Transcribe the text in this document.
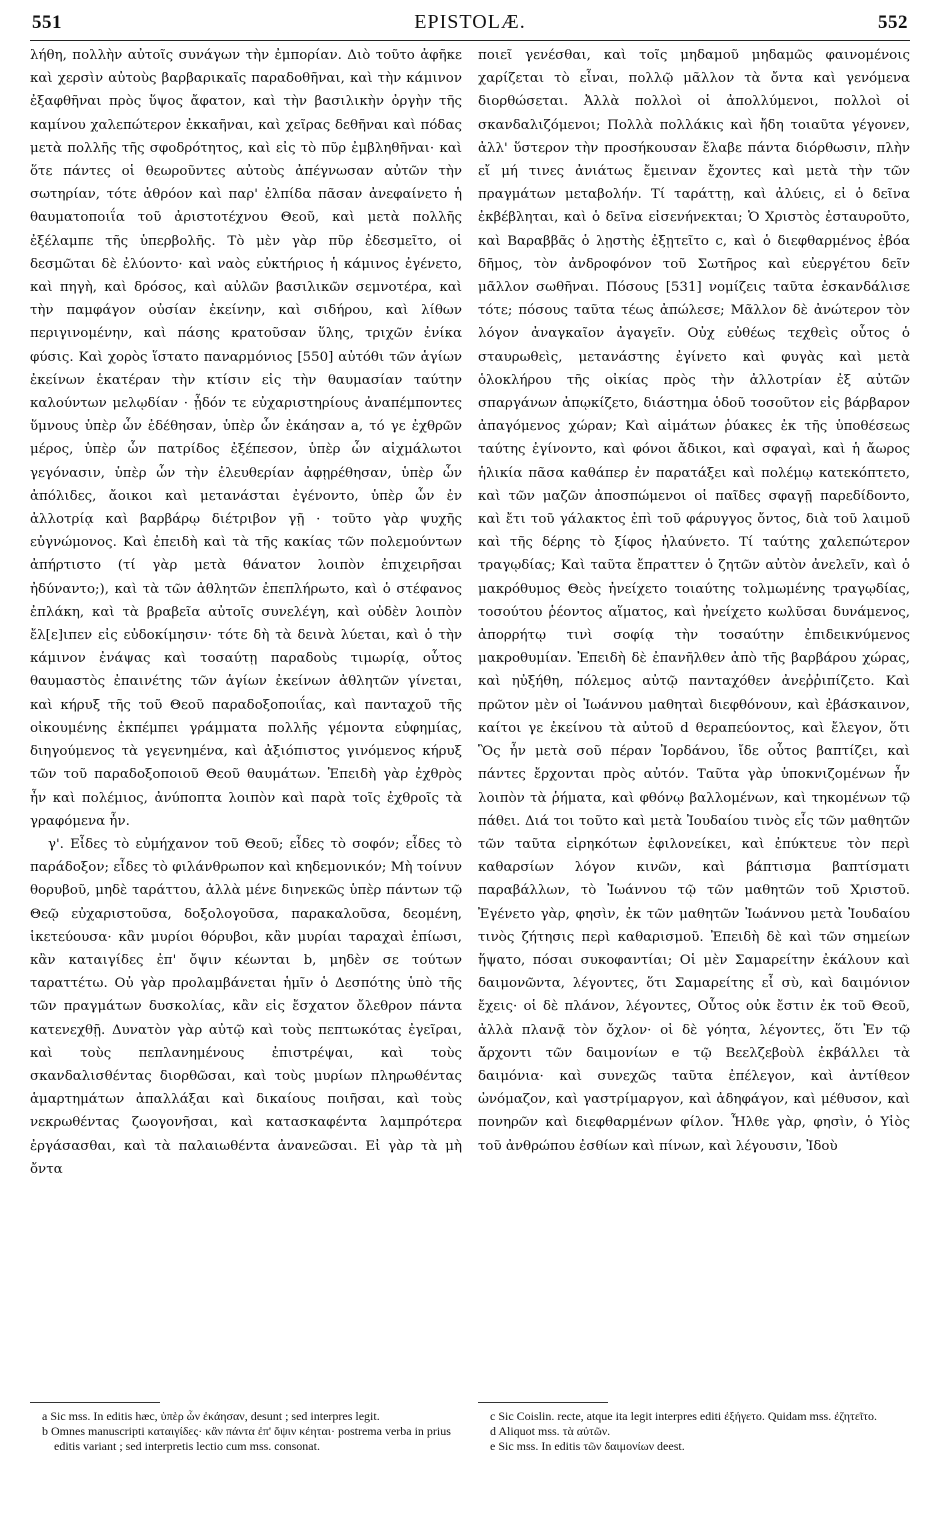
551	EPISTOLÆ.	552

λήθη, πολλὴν αὐτοῖς συνάγων τὴν ἐμπορίαν. Διὸ τοῦτο ἀφῆκε καὶ χερσὶν αὐτοὺς βαρβαρικαῖς παραδοθῆναι, καὶ τὴν κάμινον ἐξαφθῆναι πρὸς ὕψος ἄφατον, καὶ τὴν βασιλικὴν ὀργὴν τῆς καμίνου χαλεπώτερον ἐκκαῆναι, καὶ χεῖρας δεθῆναι καὶ πόδας μετὰ πολλῆς τῆς σφοδρότητος, καὶ εἰς τὸ πῦρ ἐμβληθῆναι· καὶ ὅτε πάντες οἱ θεωροῦντες αὐτοὺς ἀπέγνωσαν αὐτῶν τὴν σωτηρίαν, τότε ἀθρόον καὶ παρ' ἐλπίδα πᾶσαν ἀνεφαίνετο ἡ θαυματοποιΐα τοῦ ἀριστοτέχνου Θεοῦ, καὶ μετὰ πολλῆς ἐξέλαμπε τῆς ὑπερβολῆς. Τὸ μὲν γὰρ πῦρ ἐδεσμεῖτο, οἱ δεσμῶται δὲ ἐλύοντο· καὶ ναὸς εὐκτήριος ἡ κάμινος ἐγένετο, καὶ πηγὴ, καὶ δρόσος, καὶ αὐλῶν βασιλικῶν σεμνοτέρα, καὶ τὴν παμφάγον οὐσίαν ἐκείνην, καὶ σιδήρου, καὶ λίθων περιγινομένην, καὶ πάσης κρατοῦσαν ὕλης, τριχῶν ἐνίκα φύσις. Καὶ χορὸς ἵστατο παναρμόνιος [550] αὐτόθι τῶν ἁγίων ἐκείνων ἑκατέραν τὴν κτίσιν εἰς τὴν θαυμασίαν ταύτην καλούντων μελῳδίαν · ᾖδόν τε εὐχαριστηρίους ἀναπέμποντες ὕμνους ὑπὲρ ὧν ἐδέθησαν, ὑπὲρ ὧν ἐκάησαν a, τό γε ἐχθρῶν μέρος, ὑπὲρ ὧν πατρίδος ἐξέπεσον, ὑπὲρ ὧν αἰχμάλωτοι γεγόνασιν, ὑπὲρ ὧν τὴν ἐλευθερίαν ἀφῃρέθησαν, ὑπὲρ ὧν ἀπόλιδες, ἄοικοι καὶ μετανάσται ἐγένοντο, ὑπὲρ ὧν ἐν ἀλλοτρίᾳ καὶ βαρβάρῳ διέτριβον γῇ · τοῦτο γὰρ ψυχῆς εὐγνώμονος. Καὶ ἐπειδὴ καὶ τὰ τῆς κακίας τῶν πολεμούντων ἀπήρτιστο (τί γὰρ μετὰ θάνατον λοιπὸν ἐπιχειρῆσαι ἠδύναντο;), καὶ τὰ τῶν ἀθλητῶν ἐπεπλήρωτο, καὶ ὁ στέφανος ἐπλάκη, καὶ τὰ βραβεῖα αὐτοῖς συνελέγη, καὶ οὐδὲν λοιπὸν ἔλ[ε]ιπεν εἰς εὐδοκίμησιν· τότε δὴ τὰ δεινὰ λύεται, καὶ ὁ τὴν κάμινον ἐνάψας καὶ τοσαύτῃ παραδοὺς τιμωρίᾳ, οὗτος θαυμαστὸς ἐπαινέτης τῶν ἁγίων ἐκείνων ἀθλητῶν γίνεται, καὶ κήρυξ τῆς τοῦ Θεοῦ παραδοξοποιΐας, καὶ πανταχοῦ τῆς οἰκουμένης ἐκπέμπει γράμματα πολλῆς γέμοντα εὐφημίας, διηγούμενος τὰ γεγενημένα, καὶ ἀξιόπιστος γινόμενος κήρυξ τῶν τοῦ παραδοξοποιοῦ Θεοῦ θαυμάτων. Ἐπειδὴ γὰρ ἐχθρὸς ἦν καὶ πολέμιος, ἀνύποπτα λοιπὸν καὶ παρὰ τοῖς ἐχθροῖς τὰ γραφόμενα ἦν.

γ'. Εἶδες τὸ εὐμήχανον τοῦ Θεοῦ; εἶδες τὸ σοφόν; εἶδες τὸ παράδοξον; εἶδες τὸ φιλάνθρωπον καὶ κηδεμονικόν; Μὴ τοίνυν θορυβοῦ, μηδὲ ταράττου, ἀλλὰ μένε διηνεκῶς ὑπὲρ πάντων τῷ Θεῷ εὐχαριστοῦσα, δοξολογοῦσα, παρακαλοῦσα, δεομένη, ἱκετεύουσα· κἂν μυρίοι θόρυβοι, κἂν μυρίαι ταραχαὶ ἐπίωσι, κἂν καταιγίδες ἐπ' ὄψιν κέωνται b, μηδὲν σε τούτων ταραττέτω. Οὐ γὰρ προλαμβάνεται ἡμῖν ὁ Δεσπότης ὑπὸ τῆς τῶν πραγμάτων δυσκολίας, κἂν εἰς ἔσχατον ὄλεθρον πάντα κατενεχθῇ. Δυνατὸν γὰρ αὐτῷ καὶ τοὺς πεπτωκότας ἐγεῖραι, καὶ τοὺς πεπλανημένους ἐπιστρέψαι, καὶ τοὺς σκανδαλισθέντας διορθῶσαι, καὶ τοὺς μυρίων πληρωθέντας ἁμαρτημάτων ἀπαλλάξαι καὶ δικαίους ποιῆσαι, καὶ τοὺς νεκρωθέντας ζωογονῆσαι, καὶ κατασκαφέντα λαμπρότερα ἐργάσασθαι, καὶ τὰ παλαιωθέντα ἀνανεῶσαι. Εἰ γὰρ τὰ μὴ ὄντα

ποιεῖ γενέσθαι, καὶ τοῖς μηδαμοῦ μηδαμῶς φαινομένοις χαρίζεται τὸ εἶναι, πολλῷ μᾶλλον τὰ ὄντα καὶ γενόμενα διορθώσεται. Ἀλλὰ πολλοὶ οἱ ἀπολλύμενοι, πολλοὶ οἱ σκανδαλιζόμενοι; Πολλὰ πολλάκις καὶ ἤδη τοιαῦτα γέγονεν, ἀλλ' ὕστερον τὴν προσήκουσαν ἔλαβε πάντα διόρθωσιν, πλὴν εἴ μή τινες ἀνιάτως ἔμειναν ἔχοντες καὶ μετὰ τὴν τῶν πραγμάτων μεταβολήν. Τί ταράττῃ, καὶ ἀλύεις, εἰ ὁ δεῖνα ἐκβέβληται, καὶ ὁ δεῖνα εἰσενήνεκται; Ὁ Χριστὸς ἐσταυροῦτο, καὶ Βαραββᾶς ὁ λῃστὴς ἐξῃτεῖτο c, καὶ ὁ διεφθαρμένος ἐβόα δῆμος, τὸν ἀνδροφόνον τοῦ Σωτῆρος καὶ εὐεργέτου δεῖν μᾶλλον σωθῆναι. Πόσους [531] νομίζεις ταῦτα ἐσκανδάλισε τότε; πόσους ταῦτα τέως ἀπώλεσε; Μᾶλλον δὲ ἀνώτερον τὸν λόγον ἀναγκαῖον ἀγαγεῖν. Οὐχ εὐθέως τεχθεὶς οὗτος ὁ σταυρωθεὶς, μετανάστης ἐγίνετο καὶ φυγὰς καὶ μετὰ ὁλοκλήρου τῆς οἰκίας πρὸς τὴν ἀλλοτρίαν ἐξ αὐτῶν σπαργάνων ἀπῳκίζετο, διάστημα ὁδοῦ τοσοῦτον εἰς βάρβαρον ἀπαγόμενος χώραν; Καὶ αἱμάτων ῥύακες ἐκ τῆς ὑποθέσεως ταύτης ἐγίνοντο, καὶ φόνοι ἄδικοι, καὶ σφαγαὶ, καὶ ἡ ἄωρος ἡλικία πᾶσα καθάπερ ἐν παρατάξει καὶ πολέμῳ κατεκόπτετο, καὶ τῶν μαζῶν ἀποσπώμενοι οἱ παῖδες σφαγῇ παρεδίδοντο, καὶ ἔτι τοῦ γάλακτος ἐπὶ τοῦ φάρυγγος ὄντος, διὰ τοῦ λαιμοῦ καὶ τῆς δέρης τὸ ξίφος ἠλαύνετο. Τί ταύτης χαλεπώτερον τραγῳδίας; Καὶ ταῦτα ἔπραττεν ὁ ζητῶν αὐτὸν ἀνελεῖν, καὶ ὁ μακρόθυμος Θεὸς ἠνείχετο τοιαύτης τολμωμένης τραγῳδίας, τοσούτου ῥέοντος αἵματος, καὶ ἠνείχετο κωλῦσαι δυνάμενος, ἀπορρήτῳ τινὶ σοφίᾳ τὴν τοσαύτην ἐπιδεικνύμενος μακροθυμίαν. Ἐπειδὴ δὲ ἐπανῆλθεν ἀπὸ τῆς βαρβάρου χώρας, καὶ ηὐξήθη, πόλεμος αὐτῷ πανταχόθεν ἀνεῤῥιπίζετο. Καὶ πρῶτον μὲν οἱ Ἰωάννου μαθηταὶ διεφθόνουν, καὶ ἐβάσκαινον, καίτοι γε ἐκείνου τὰ αὐτοῦ d θεραπεύοντος, καὶ ἔλεγον, ὅτι Ὃς ἦν μετὰ σοῦ πέραν Ἰορδάνου, ἴδε οὗτος βαπτίζει, καὶ πάντες ἔρχονται πρὸς αὐτόν. Ταῦτα γὰρ ὑποκνιζομένων ἦν λοιπὸν τὰ ῥήματα, καὶ φθόνῳ βαλλομένων, καὶ τηκομένων τῷ πάθει. Διά τοι τοῦτο καὶ μετὰ Ἰουδαίου τινὸς εἷς τῶν μαθητῶν τῶν ταῦτα εἰρηκότων ἐφιλονείκει, καὶ ἐπύκτευε τὸν περὶ καθαρσίων λόγον κινῶν, καὶ βάπτισμα βαπτίσματι παραβάλλων, τὸ Ἰωάννου τῷ τῶν μαθητῶν τοῦ Χριστοῦ. Ἐγένετο γὰρ, φησὶν, ἐκ τῶν μαθητῶν Ἰωάννου μετὰ Ἰουδαίου τινὸς ζήτησις περὶ καθαρισμοῦ. Ἐπειδὴ δὲ καὶ τῶν σημείων ἥψατο, πόσαι συκοφαντίαι; Οἱ μὲν Σαμαρείτην ἐκάλουν καὶ δαιμονῶντα, λέγοντες, ὅτι Σαμαρείτης εἶ σὺ, καὶ δαιμόνιον ἔχεις· οἱ δὲ πλάνον, λέγοντες, Οὗτος οὐκ ἔστιν ἐκ τοῦ Θεοῦ, ἀλλὰ πλανᾷ τὸν ὄχλον· οἱ δὲ γόητα, λέγοντες, ὅτι Ἐν τῷ ἄρχοντι τῶν δαιμονίων e τῷ Βεελζεβοὺλ ἐκβάλλει τὰ δαιμόνια· καὶ συνεχῶς ταῦτα ἐπέλεγον, καὶ ἀντίθεον ὠνόμαζον, καὶ γαστρίμαργον, καὶ ἀδηφάγον, καὶ μέθυσον, καὶ πονηρῶν καὶ διεφθαρμένων φίλον. Ἦλθε γὰρ, φησὶν, ὁ Υἱὸς τοῦ ἀνθρώπου ἐσθίων καὶ πίνων, καὶ λέγουσιν, Ἰδοὺ

a Sic mss. In editis hæc, ὑπὲρ ὧν ἐκάησαν, desunt ; sed interpres legit.

b Omnes manuscripti καταιγίδες· κἂν πάντα ἐπ' ὄψιν κέηται· postrema verba in prius editis variant ; sed interpretis lectio cum mss. consonat.

c Sic Coislin. recte, atque ita legit interpres editi ἐξήγετο. Quidam mss. ἐζητεῖτο.

d Aliquot mss. τὰ αὐτῶν.

e Sic mss. In editis τῶν δαιμονίων deest.
